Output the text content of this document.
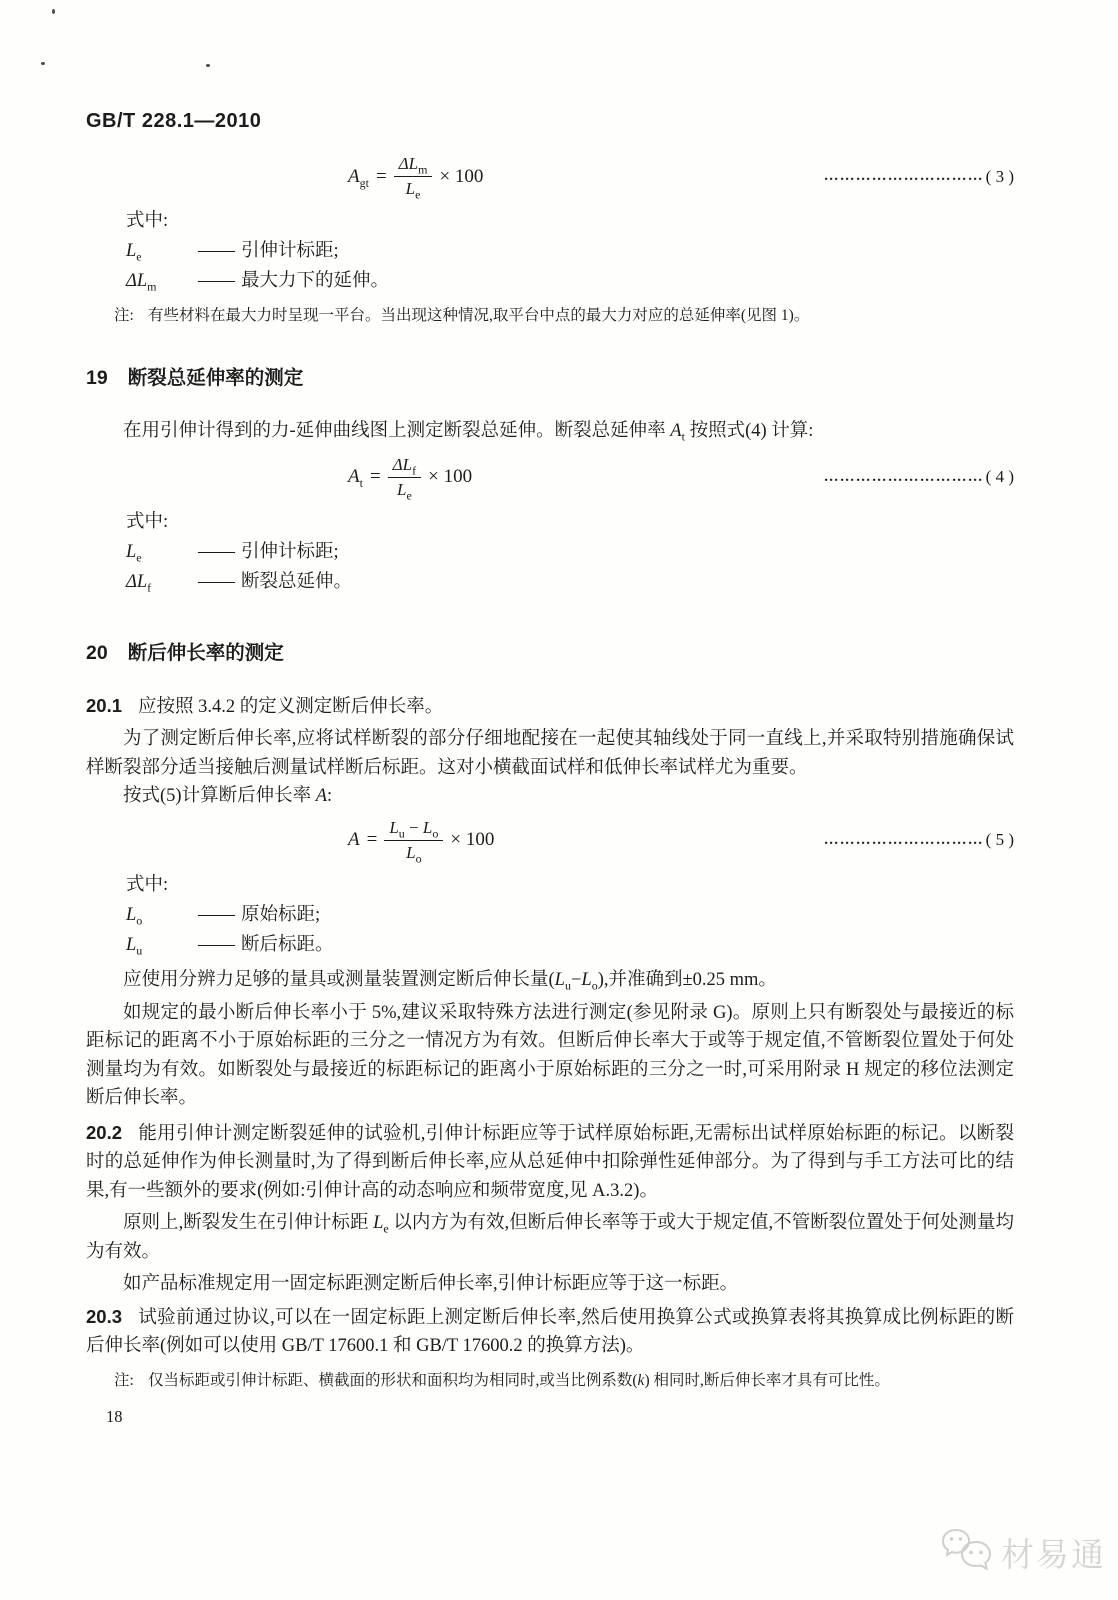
GB/T 228.1—2010
$A_{gt} = \frac{\Delta L_m}{L_e} \times 100$	………………………… ( 3 )
式中:
$L_e$	—— 引伸计标距;
$\Delta L_m$	—— 最大力下的延伸。
注: 有些材料在最大力时呈现一平台。当出现这种情况,取平台中点的最大力对应的总延伸率(见图 1)。
19 断裂总延伸率的测定

在用引伸计得到的力-延伸曲线图上测定断裂总延伸。断裂总延伸率 $A_t$ 按照式(4) 计算:

$A_t = \frac{\Delta L_f}{L_e} \times 100$	………………………… ( 4 )
式中:
$L_e$	—— 引伸计标距;
$\Delta L_f$	—— 断裂总延伸。
20 断后伸长率的测定

20.1 应按照 3.4.2 的定义测定断后伸长率。

为了测定断后伸长率,应将试样断裂的部分仔细地配接在一起使其轴线处于同一直线上,并采取特别措施确保试样断裂部分适当接触后测量试样断后标距。这对小横截面试样和低伸长率试样尤为重要。

按式(5)计算断后伸长率 A:

$A = \frac{L_u - L_o}{L_o} \times 100$	………………………… ( 5 )
式中:
$L_o$	—— 原始标距;
$L_u$	—— 断后标距。

应使用分辨力足够的量具或测量装置测定断后伸长量$(L_u-L_o)$,并准确到±0.25 mm。

如规定的最小断后伸长率小于 5%,建议采取特殊方法进行测定(参见附录 G)。原则上只有断裂处与最接近的标距标记的距离不小于原始标距的三分之一情况方为有效。但断后伸长率大于或等于规定值,不管断裂位置处于何处测量均为有效。如断裂处与最接近的标距标记的距离小于原始标距的三分之一时,可采用附录 H 规定的移位法测定断后伸长率。

20.2 能用引伸计测定断裂延伸的试验机,引伸计标距应等于试样原始标距,无需标出试样原始标距的标记。以断裂时的总延伸作为伸长测量时,为了得到断后伸长率,应从总延伸中扣除弹性延伸部分。为了得到与手工方法可比的结果,有一些额外的要求(例如:引伸计高的动态响应和频带宽度,见 A.3.2)。

原则上,断裂发生在引伸计标距 $L_e$ 以内方为有效,但断后伸长率等于或大于规定值,不管断裂位置处于何处测量均为有效。

如产品标准规定用一固定标距测定断后伸长率,引伸计标距应等于这一标距。

20.3 试验前通过协议,可以在一固定标距上测定断后伸长率,然后使用换算公式或换算表将其换算成比例标距的断后伸长率(例如可以使用 GB/T 17600.1 和 GB/T 17600.2 的换算方法)。

注: 仅当标距或引伸计标距、横截面的形状和面积均为相同时,或当比例系数(k) 相同时,断后伸长率才具有可比性。
18
材易通
